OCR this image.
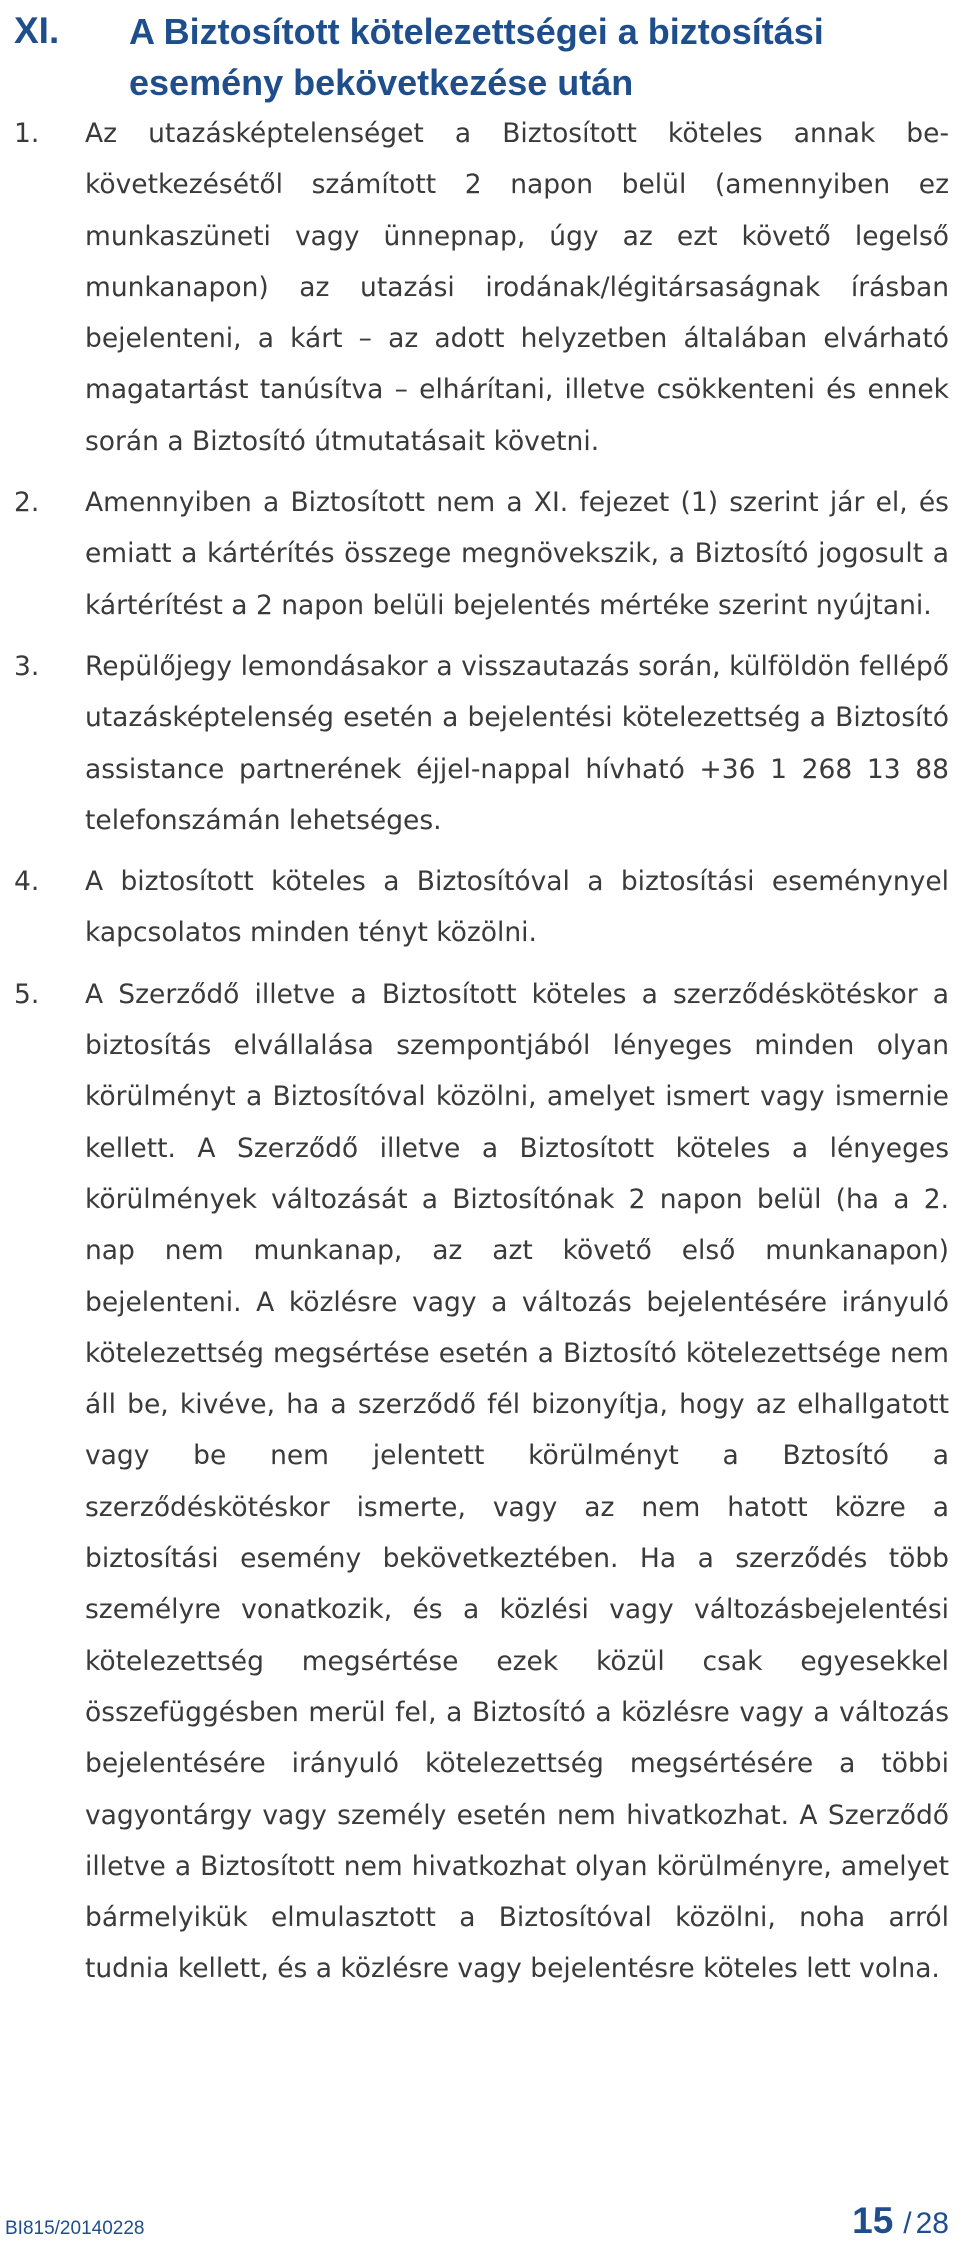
XI. A Biztosított kötelezettségei a biztosítási esemény bekövetkezése után
1.	Az utazásképtelenséget a Biztosított köteles annak bekövetkezésétől számított 2 napon belül (amennyiben ez munkaszüneti vagy ünnepnap, úgy az ezt követő legelső munkanapon) az utazási irodának/légitársaságnak írásban bejelenteni, a kárt – az adott helyzetben általában elvárható magatartást tanúsítva – elhárítani, illetve csökkenteni és ennek során a Biztosító útmutatásait követni.
2.	Amennyiben a Biztosított nem a XI. fejezet (1) szerint jár el, és emiatt a kártérítés összege megnövekszik, a Biztosító jogosult a kártérítést a 2 napon belüli bejelentés mértéke szerint nyújtani.
3.	Repülőjegy lemondásakor a visszautazás során, külföldön fellépő utazásképtelenség esetén a bejelentési kötelezettség a Biztosító assistance partnerének éjjel-nappal hívható +36 1 268 13 88 telefonszámán lehetséges.
4.	A biztosított köteles a Biztosítóval a biztosítási eseménynyel kapcsolatos minden tényt közölni.
5.	A Szerződő illetve a Biztosított köteles a szerződéskötéskor a biztosítás elvállalása szempontjából lényeges minden olyan körülményt a Biztosítóval közölni, amelyet ismert vagy ismernie kellett. A Szerződő illetve a Biztosított köteles a lényeges körülmények változását a Biztosítónak 2 napon belül (ha a 2. nap nem munkanap, az azt követő első munkanapon) bejelenteni. A közlésre vagy a változás bejelentésére irányuló kötelezettség megsértése esetén a Biztosító kötelezettsége nem áll be, kivéve, ha a szerződő fél bizonyítja, hogy az elhallgatott vagy be nem jelentett körülményt a Bztosító a szerződéskötéskor ismerte, vagy az nem hatott közre a biztosítási esemény bekövetkeztében. Ha a szerződés több személyre vonatkozik, és a közlési vagy változásbejelentési kötelezettség megsértése ezek közül csak egyesekkel összefüggésben merül fel, a Biztosító a közlésre vagy a változás bejelentésére irányuló kötelezettség megsértésére a többi vagyontárgy vagy személy esetén nem hivatkozhat. A Szerződő illetve a Biztosított nem hivatkozhat olyan körülményre, amelyet bármelyikük elmulasztott a Biztosítóval közölni, noha arról tudnia kellett, és a közlésre vagy bejelentésre köteles lett volna.
BI815/20140228	15 / 28
